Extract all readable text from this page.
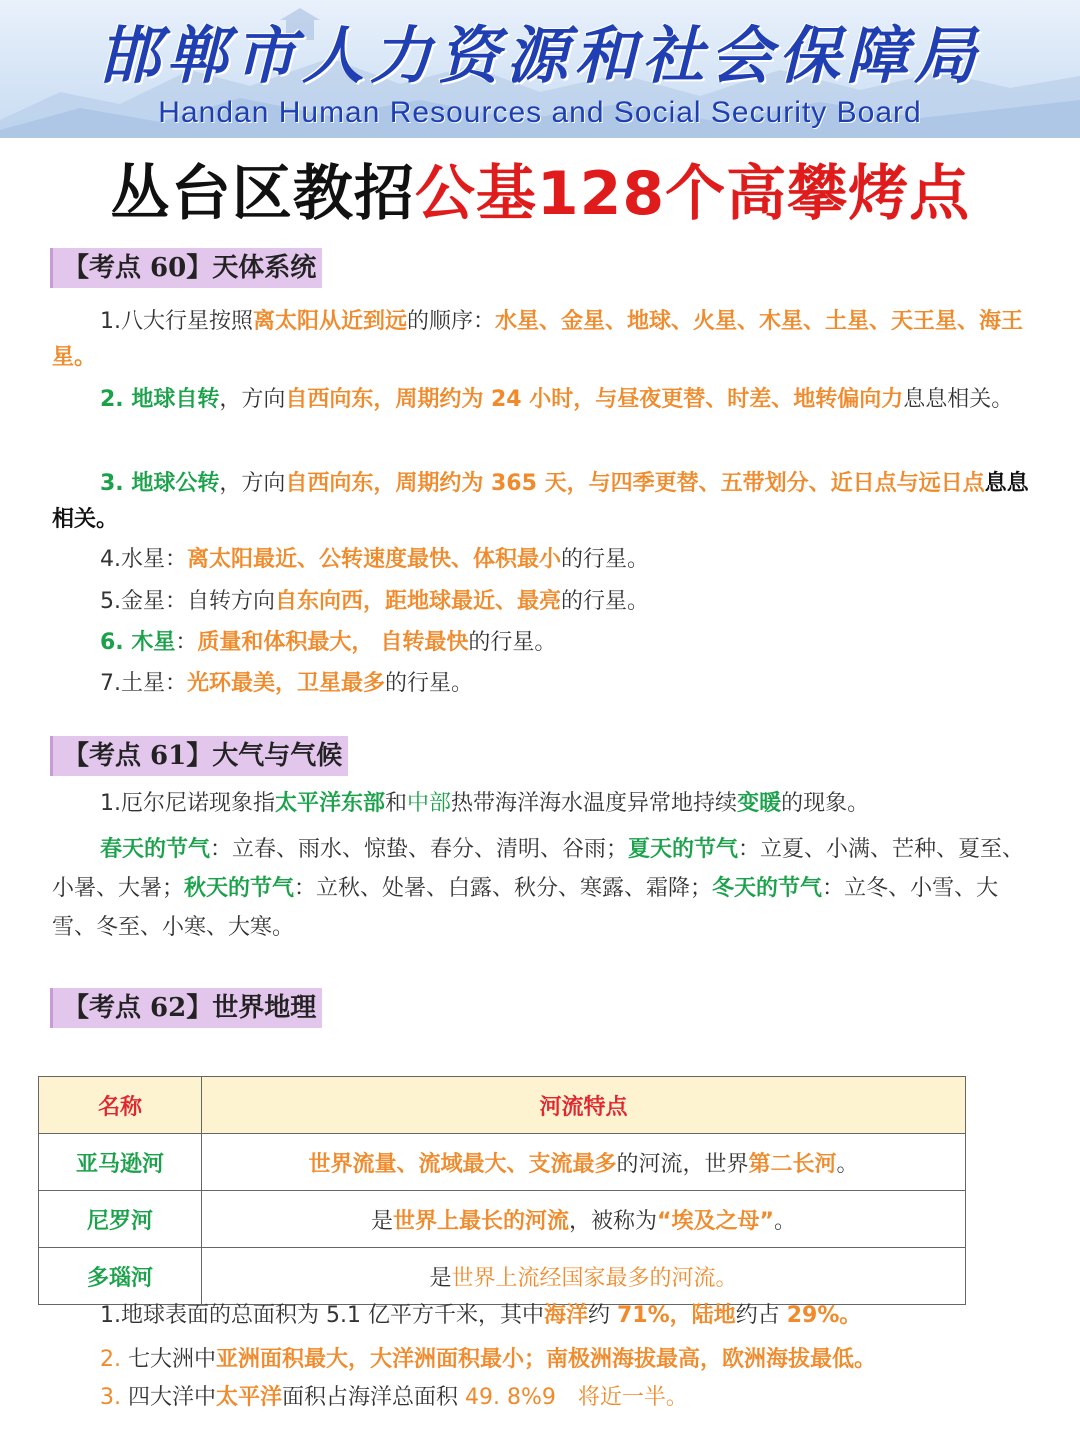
邯郸市人力资源和社会保障局
Handan Human Resources and Social Security Board
丛台区教招公基128个高攀烤点
【考点 60】天体系统
1.八大行星按照离太阳从近到远的顺序：水星、金星、地球、火星、木星、土星、天王星、海王星。
2. 地球自转，方向自西向东，周期约为 24 小时，与昼夜更替、时差、地转偏向力息息相关。
3. 地球公转，方向自西向东，周期约为 365 天，与四季更替、五带划分、近日点与远日点息息相关。
4.水星：离太阳最近、公转速度最快、体积最小的行星。
5.金星：自转方向自东向西，距地球最近、最亮的行星。
6. 木星：质量和体积最大， 自转最快的行星。
7.土星：光环最美，卫星最多的行星。
【考点 61】大气与气候
1.厄尔尼诺现象指太平洋东部和中部热带海洋海水温度异常地持续变暖的现象。
春天的节气：立春、雨水、惊蛰、春分、清明、谷雨；夏天的节气：立夏、小满、芒种、夏至、小暑、大暑；秋天的节气：立秋、处暑、白露、秋分、寒露、霜降；冬天的节气：立冬、小雪、大雪、冬至、小寒、大寒。
【考点 62】世界地理
名称	河流特点
亚马逊河	世界流量、流域最大、支流最多的河流，世界第二长河。
尼罗河	是世界上最长的河流，被称为“埃及之母”。
多瑙河	是世界上流经国家最多的河流。
1.地球表面的总面积为 5.1 亿平方千米，其中海洋约 71%，陆地约占 29%。
2. 七大洲中亚洲面积最大，大洋洲面积最小；南极洲海拔最高，欧洲海拔最低。
3. 四大洋中太平洋面积占海洋总面积 49. 8%9　将近一半。
